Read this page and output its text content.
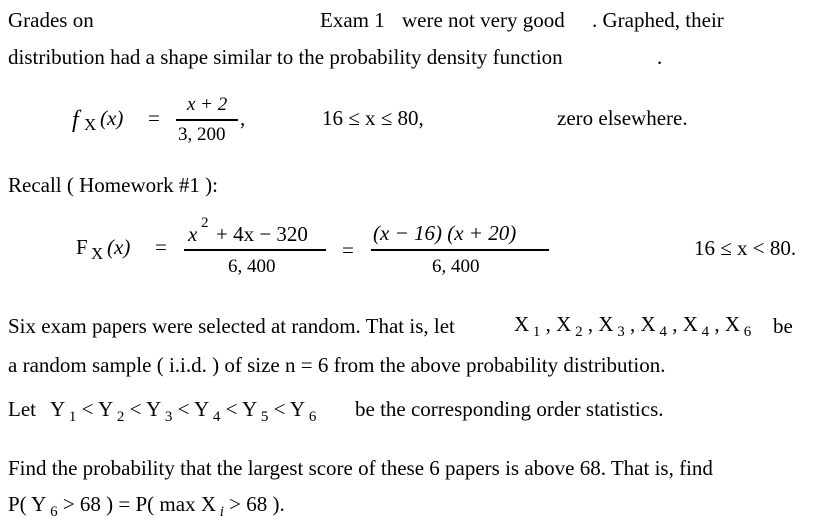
Grades on	Exam 1 were not very good . Graphed, their
distribution had a shape similar to the probability density function	.
f X (x) =
x + 2
3, 200
,	16 ≤ x ≤ 80,	zero elsewhere.
Recall ( Homework #1 ):
F X (x) =
x 2 + 4x − 320
6, 400
=
(x − 16) (x + 20)
6, 400
16 ≤ x < 80.
Six exam papers were selected at random. That is, let	X $_1$ , X $_2$ , X $_3$ , X $_4$ , X $_4$ , X $_6$ be
a random sample ( i.i.d. ) of size n = 6 from the above probability distribution.
Let Y $_1$ < Y $_2$ < Y $_3$ < Y $_4$ < Y $_5$ < Y $_6$ be the corresponding order statistics.
Find the probability that the largest score of these 6 papers is above 68. That is, find
P( Y $_6$ > 68 ) = P( max X $_i$ > 68 ).
